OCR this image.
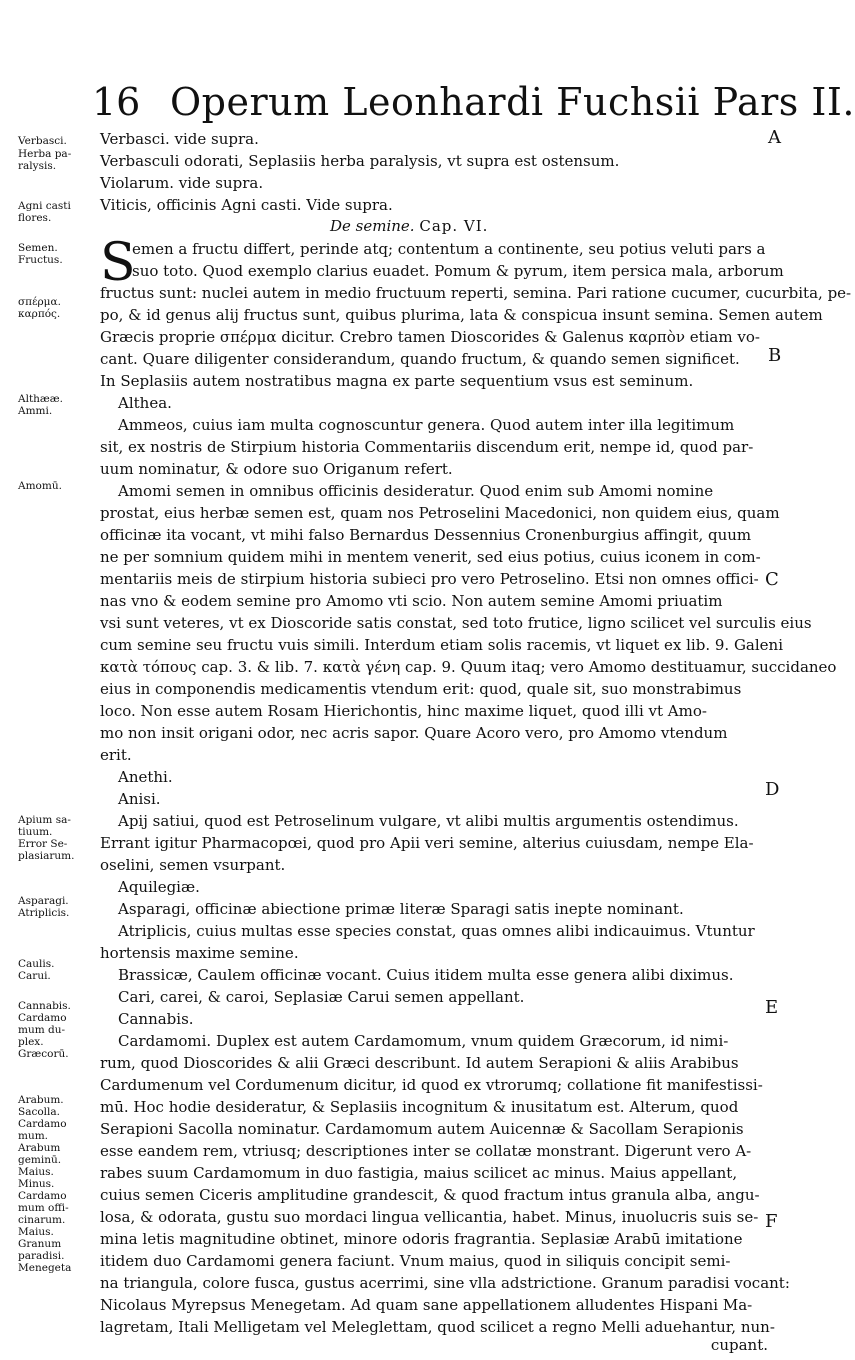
16 Operum Leonhardi Fuchsii Pars II.
A
B
C
D
E
F
Verbasci.
Herba pa-
ralysis.
Agni casti
flores.
Semen.
Fructus.
σπέρμα.
καρπός.
Althææ.
Ammi.
Amomū.
Apium sa-
tiuum.
Error Se-
plasiarum.
Asparagi.
Atriplicis.
Caulis.
Carui.
Cannabis.
Cardamo
mum du-
plex.
Græcorū.
Arabum.
Sacolla.
Cardamo
mum.
Arabum
geminū.
Maius.
Minus.
Cardamo
mum offi-
cinarum.
Maius.
Granum
paradisi.
Menegeta
Verbasci. vide supra.
Verbasculi odorati, Seplasiis herba paralysis, vt supra est ostensum.
Violarum. vide supra.
Viticis, officinis Agni casti. Vide supra.
De semine. Cap. VI.
S
emen a fructu differt, perinde atq; contentum a continente, seu potius veluti pars a
suo toto. Quod exemplo clarius euadet. Pomum & pyrum, item persica mala, arborum
fructus sunt: nuclei autem in medio fructuum reperti, semina. Pari ratione cucumer, cucurbita, pe-
po, & id genus alij fructus sunt, quibus plurima, lata & conspicua insunt semina. Semen autem
Græcis proprie σπέρμα dicitur. Crebro tamen Dioscorides & Galenus καρπὸν etiam vo-
cant. Quare diligenter considerandum, quando fructum, & quando semen significet.
In Seplasiis autem nostratibus magna ex parte sequentium vsus est seminum.
Althea.
Ammeos, cuius iam multa cognoscuntur genera. Quod autem inter illa legitimum
sit, ex nostris de Stirpium historia Commentariis discendum erit, nempe id, quod par-
uum nominatur, & odore suo Origanum refert.
Amomi semen in omnibus officinis desideratur. Quod enim sub Amomi nomine
prostat, eius herbæ semen est, quam nos Petroselini Macedonici, non quidem eius, quam
officinæ ita vocant, vt mihi falso Bernardus Dessennius Cronenburgius affingit, quum
ne per somnium quidem mihi in mentem venerit, sed eius potius, cuius iconem in com-
mentariis meis de stirpium historia subieci pro vero Petroselino. Etsi non omnes offici-
nas vno & eodem semine pro Amomo vti scio. Non autem semine Amomi priuatim
vsi sunt veteres, vt ex Dioscoride satis constat, sed toto frutice, ligno scilicet vel surculis eius
cum semine seu fructu vuis simili. Interdum etiam solis racemis, vt liquet ex lib. 9. Galeni
κατὰ τόπους cap. 3. & lib. 7. κατὰ γένη cap. 9. Quum itaq; vero Amomo destituamur, succidaneo
eius in componendis medicamentis vtendum erit: quod, quale sit, suo monstrabimus
loco. Non esse autem Rosam Hierichontis, hinc maxime liquet, quod illi vt Amo-
mo non insit origani odor, nec acris sapor. Quare Acoro vero, pro Amomo vtendum
erit.
Anethi.
Anisi.
Apij satiui, quod est Petroselinum vulgare, vt alibi multis argumentis ostendimus.
Errant igitur Pharmacopœi, quod pro Apii veri semine, alterius cuiusdam, nempe Ela-
oselini, semen vsurpant.
Aquilegiæ.
Asparagi, officinæ abiectione primæ literæ Sparagi satis inepte nominant.
Atriplicis, cuius multas esse species constat, quas omnes alibi indicauimus. Vtuntur
hortensis maxime semine.
Brassicæ, Caulem officinæ vocant. Cuius itidem multa esse genera alibi diximus.
Cari, carei, & caroi, Seplasiæ Carui semen appellant.
Cannabis.
Cardamomi. Duplex est autem Cardamomum, vnum quidem Græcorum, id nimi-
rum, quod Dioscorides & alii Græci describunt. Id autem Serapioni & aliis Arabibus
Cardumenum vel Cordumenum dicitur, id quod ex vtrorumq; collatione fit manifestissi-
mū. Hoc hodie desideratur, & Seplasiis incognitum & inusitatum est. Alterum, quod
Serapioni Sacolla nominatur. Cardamomum autem Auicennæ & Sacollam Serapionis
esse eandem rem, vtriusq; descriptiones inter se collatæ monstrant. Digerunt vero A-
rabes suum Cardamomum in duo fastigia, maius scilicet ac minus. Maius appellant,
cuius semen Ciceris amplitudine grandescit, & quod fractum intus granula alba, angu-
losa, & odorata, gustu suo mordaci lingua vellicantia, habet. Minus, inuolucris suis se-
mina letis magnitudine obtinet, minore odoris fragrantia. Seplasiæ Arabū imitatione
itidem duo Cardamomi genera faciunt. Vnum maius, quod in siliquis concipit semi-
na triangula, colore fusca, gustus acerrimi, sine vlla adstrictione. Granum paradisi vocant:
Nicolaus Myrepsus Menegetam. Ad quam sane appellationem alludentes Hispani Ma-
lagretam, Itali Melligetam vel Meleglettam, quod scilicet a regno Melli aduehantur, nun-
cupant.
